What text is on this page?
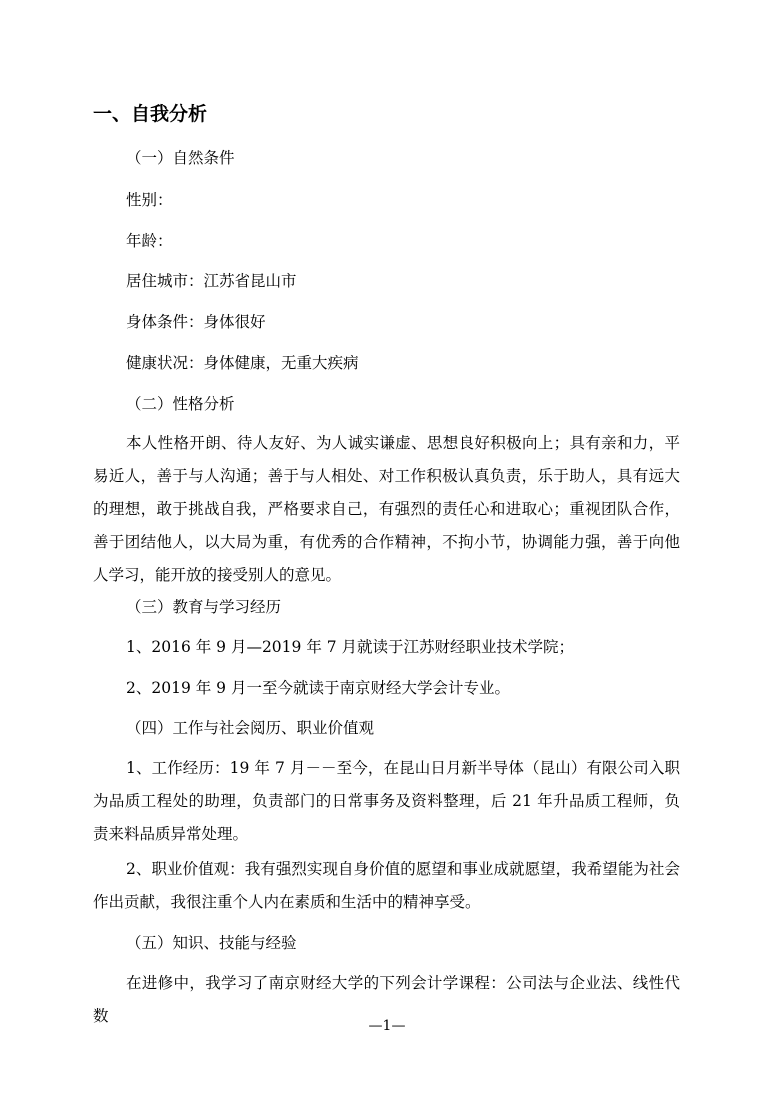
一、自我分析
（一）自然条件
性别：
年龄：
居住城市：江苏省昆山市
身体条件：身体很好
健康状况：身体健康，无重大疾病
（二）性格分析
本人性格开朗、待人友好、为人诚实谦虚、思想良好积极向上；具有亲和力，平易近人，善于与人沟通；善于与人相处、对工作积极认真负责，乐于助人，具有远大的理想，敢于挑战自我，严格要求自己，有强烈的责任心和进取心；重视团队合作，善于团结他人，以大局为重，有优秀的合作精神，不拘小节，协调能力强，善于向他人学习，能开放的接受别人的意见。
（三）教育与学习经历
1、2016 年 9 月—2019 年 7 月就读于江苏财经职业技术学院；
2、2019 年 9 月一至今就读于南京财经大学会计专业。
（四）工作与社会阅历、职业价值观
1、工作经历：19 年 7 月－－至今，在昆山日月新半导体（昆山）有限公司入职为品质工程处的助理，负责部门的日常事务及资料整理，后 21 年升品质工程师，负责来料品质异常处理。
2、职业价值观：我有强烈实现自身价值的愿望和事业成就愿望，我希望能为社会作出贡献，我很注重个人内在素质和生活中的精神享受。
（五）知识、技能与经验
在进修中，我学习了南京财经大学的下列会计学课程：公司法与企业法、线性代数
—1—
